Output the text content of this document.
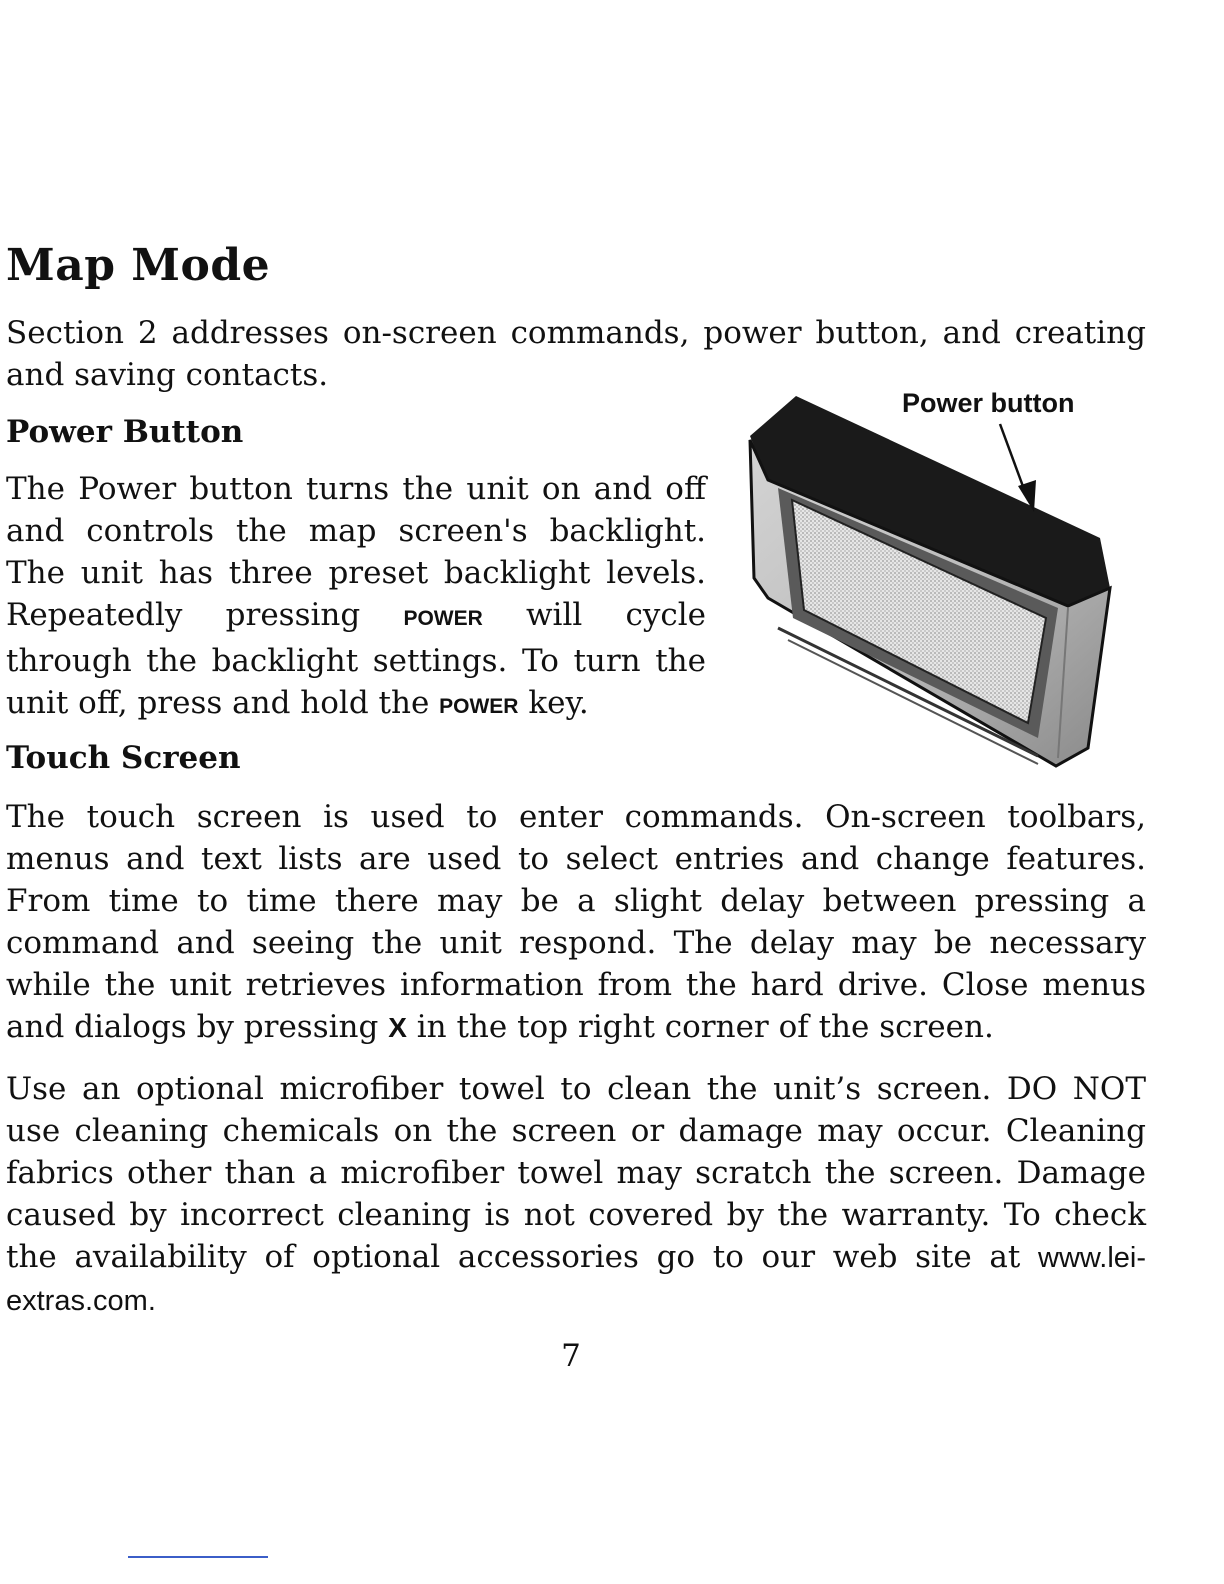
Map Mode

Section 2 addresses on-screen commands, power button, and creating and saving contacts.

Power Button

The Power button turns the unit on and off and controls the map screen's backlight. The unit has three preset backlight levels. Repeatedly pressing POWER will cycle through the backlight settings. To turn the unit off, press and hold the POWER key.

Power button
Touch Screen

The touch screen is used to enter commands. On-screen toolbars, menus and text lists are used to select entries and change features. From time to time there may be a slight delay between pressing a command and seeing the unit respond. The delay may be necessary while the unit retrieves information from the hard drive. Close menus and dialogs by pressing X in the top right corner of the screen.

Use an optional microfiber towel to clean the unit’s screen. DO NOT use cleaning chemicals on the screen or damage may occur. Cleaning fabrics other than a microfiber towel may scratch the screen. Damage caused by incorrect cleaning is not covered by the warranty. To check the availability of optional accessories go to our web site at www.lei-extras.com.

7
